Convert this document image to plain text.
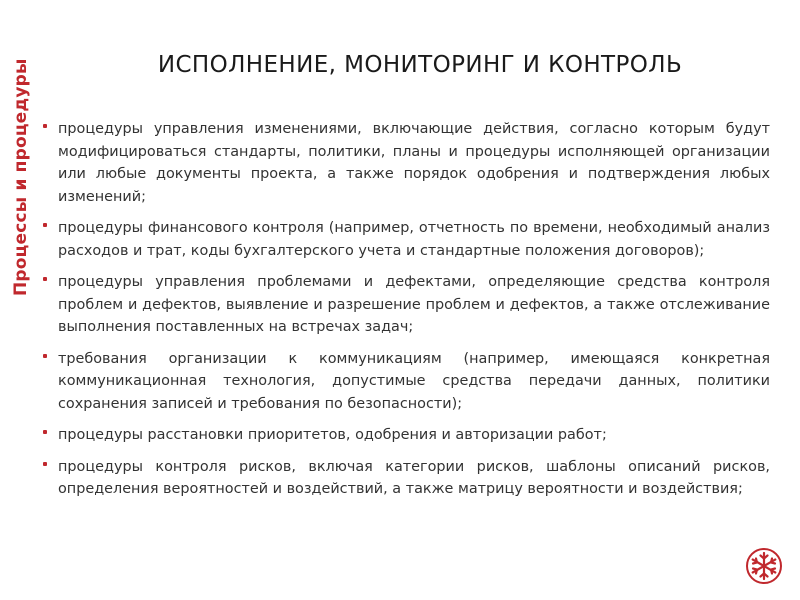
Процессы и процедуры	ИСПОЛНЕНИЕ, МОНИТОРИНГ И КОНТРОЛЬ
процедуры управления изменениями, включающие действия, согласно которым будут модифицироваться стандарты, политики, планы и процедуры исполняющей организации или любые документы проекта, а также порядок одобрения и подтверждения любых изменений;
процедуры финансового контроля (например, отчетность по времени, необходимый анализ расходов и трат, коды бухгалтерского учета и стандартные положения договоров);
процедуры управления проблемами и дефектами, определяющие средства контроля проблем и дефектов, выявление и разрешение проблем и дефектов, а также отслеживание выполнения поставленных на встречах задач;
требования организации к коммуникациям (например, имеющаяся конкретная коммуникационная технология, допустимые средства передачи данных, политики сохранения записей и требования по безопасности);
процедуры расстановки приоритетов, одобрения и авторизации работ;
процедуры контроля рисков, включая категории рисков, шаблоны описаний рисков, определения вероятностей и воздействий, а также матрицу вероятности и воздействия;
